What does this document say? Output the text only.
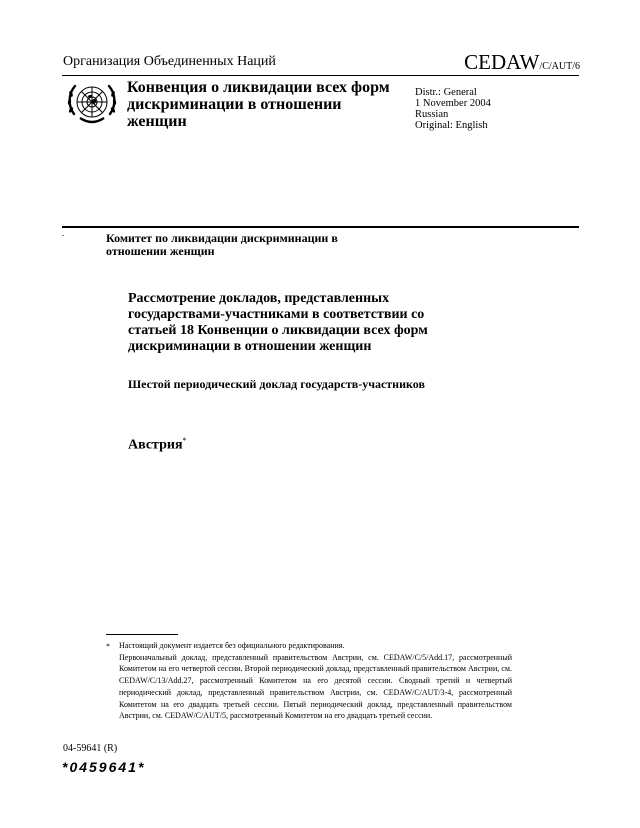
Организация Объединенных Наций	CEDAW/C/AUT/6
Конвенция о ликвидации всех форм дискриминации в отношении женщин
Distr.: General
1 November 2004
Russian
Original: English
.	Комитет по ликвидации дискриминации в отношении женщин
Рассмотрение докладов, представленных государствами-участниками в соответствии со статьей 18 Конвенции о ликвидации всех форм дискриминации в отношении женщин
Шестой периодический доклад государств-участников
Австрия*
* Настоящий документ издается без официального редактирования.

Первоначальный доклад, представленный правительством Австрии, см. CEDAW/C/5/Add.17, рассмотренный Комитетом на его четвертой сессии. Второй периодический доклад, представленный правительством Австрии, см. CEDAW/C/13/Add.27, рассмотренный Комитетом на его десятой сессии. Сводный третий и четвертый периодический доклад, представленный правительством Австрии, см. CEDAW/C/AUT/3-4, рассмотренный Комитетом на его двадцать третьей сессии. Пятый периодический доклад, представленный правительством Австрии, см. CEDAW/C/AUT/5, рассмотренный Комитетом на его двадцать третьей сессии.

04-59641 (R)
*0459641*
